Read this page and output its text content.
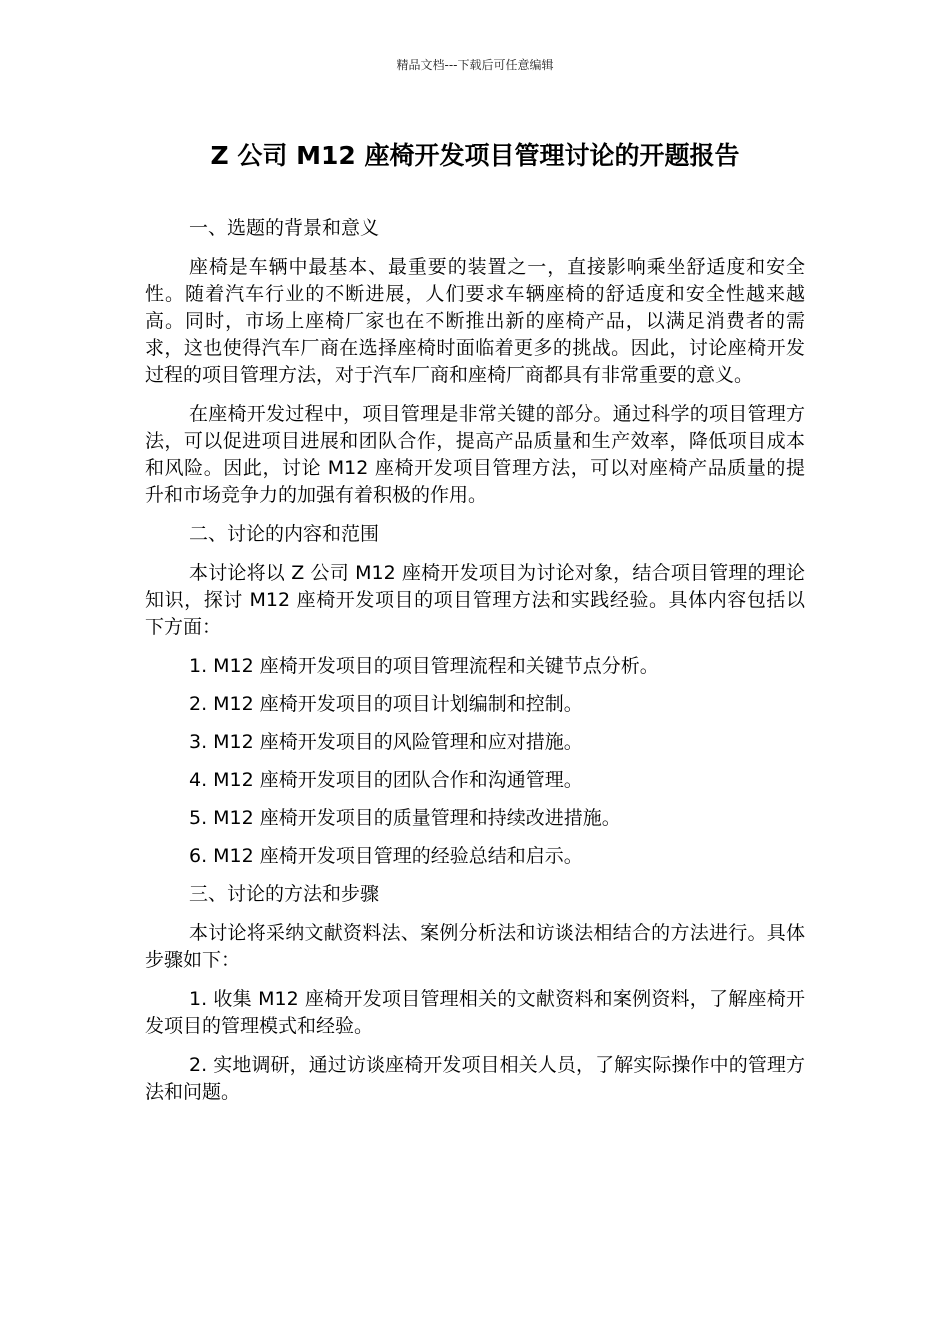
精品文档---下载后可任意编辑
Z 公司 M12 座椅开发项目管理讨论的开题报告

一、选题的背景和意义

座椅是车辆中最基本、最重要的装置之一，直接影响乘坐舒适度和安全性。随着汽车行业的不断进展，人们要求车辆座椅的舒适度和安全性越来越高。同时，市场上座椅厂家也在不断推出新的座椅产品，以满足消费者的需求，这也使得汽车厂商在选择座椅时面临着更多的挑战。因此，讨论座椅开发过程的项目管理方法，对于汽车厂商和座椅厂商都具有非常重要的意义。

在座椅开发过程中，项目管理是非常关键的部分。通过科学的项目管理方法，可以促进项目进展和团队合作，提高产品质量和生产效率，降低项目成本和风险。因此，讨论 M12 座椅开发项目管理方法，可以对座椅产品质量的提升和市场竞争力的加强有着积极的作用。

二、讨论的内容和范围

本讨论将以 Z 公司 M12 座椅开发项目为讨论对象，结合项目管理的理论知识，探讨 M12 座椅开发项目的项目管理方法和实践经验。具体内容包括以下方面：

1. M12 座椅开发项目的项目管理流程和关键节点分析。

2. M12 座椅开发项目的项目计划编制和控制。

3. M12 座椅开发项目的风险管理和应对措施。

4. M12 座椅开发项目的团队合作和沟通管理。

5. M12 座椅开发项目的质量管理和持续改进措施。

6. M12 座椅开发项目管理的经验总结和启示。

三、讨论的方法和步骤

本讨论将采纳文献资料法、案例分析法和访谈法相结合的方法进行。具体步骤如下：

1. 收集 M12 座椅开发项目管理相关的文献资料和案例资料，了解座椅开发项目的管理模式和经验。

2. 实地调研，通过访谈座椅开发项目相关人员，了解实际操作中的管理方法和问题。
